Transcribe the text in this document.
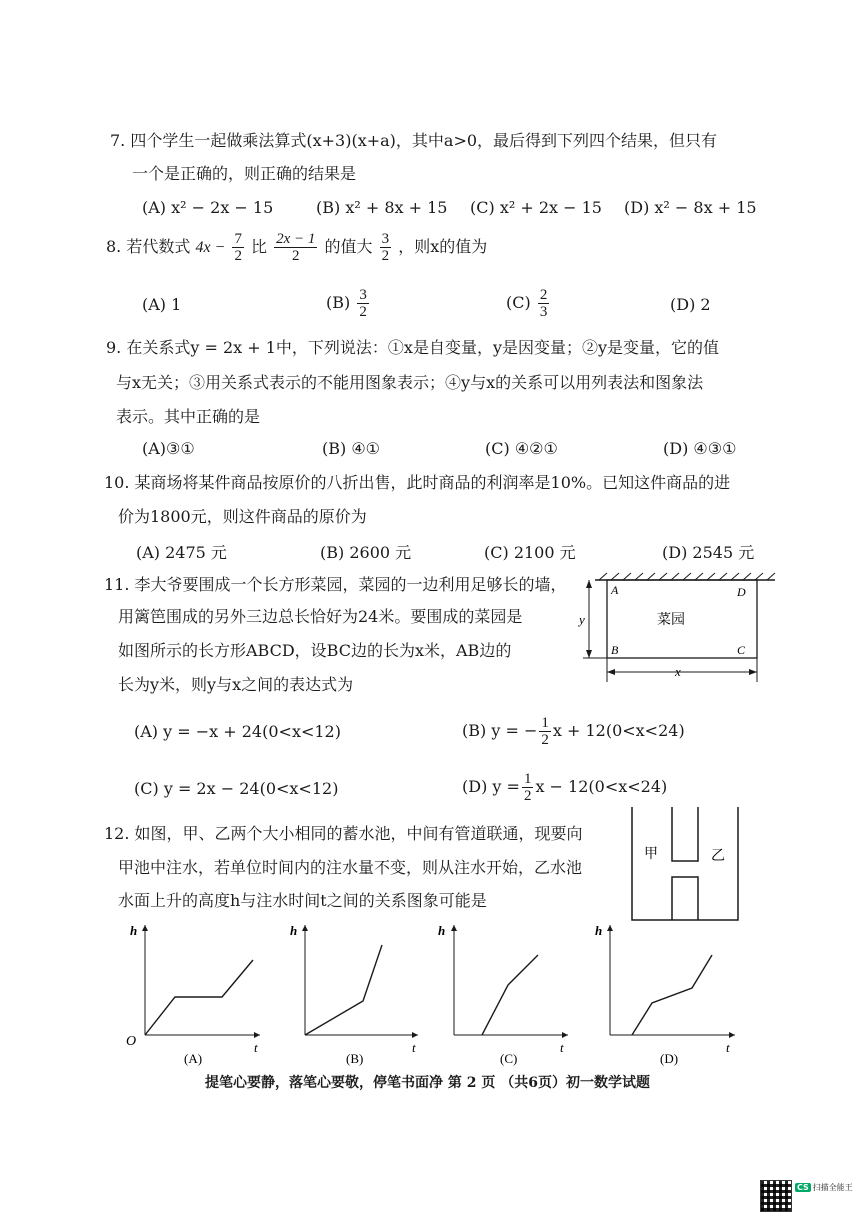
7. 四个学生一起做乘法算式(x+3)(x+a)，其中a>0，最后得到下列四个结果，但只有
一个是正确的，则正确的结果是
(A) x² − 2x − 15	(B) x² + 8x + 15 (C) x² + 2x − 15 (D) x² − 8x + 15
8. 若代数式 $4x - \frac{7}{2}$ 比 $\frac{2x - 1}{2}$ 的值大 $\frac{3}{2}$ ，则x的值为
(A) 1	$(B) \frac{3}{2}$	$(C) \frac{2}{3}$	(D) 2
9. 在关系式y = 2x + 1中，下列说法：①x是自变量，y是因变量；②y是变量，它的值
与x无关；③用关系式表示的不能用图象表示；④y与x的关系可以用列表法和图象法
表示。其中正确的是
(A)③①	(B) ④①	(C) ④②①	(D) ④③①
10. 某商场将某件商品按原价的八折出售，此时商品的利润率是10%。已知这件商品的进
价为1800元，则这件商品的原价为
(A) 2475 元	(B) 2600 元	(C) 2100 元	(D) 2545 元
11. 李大爷要围成一个长方形菜园，菜园的一边利用足够长的墙，
用篱笆围成的另外三边总长恰好为24米。要围成的菜园是
如图所示的长方形ABCD，设BC边的长为x米，AB边的
长为y米，则y与x之间的表达式为
A	D
B	C
菜园
y
x
(A) y = −x + 24(0<x<12)	(B) y = − $\frac{1}{2}$ x + 12(0<x<24)
(C) y = 2x − 24(0<x<12)	(D) $y = \frac{1}{2}$ x − 12(0<x<24)
12. 如图，甲、乙两个大小相同的蓄水池，中间有管道联通，现要向
甲池中注水，若单位时间内的注水量不变，则从注水开始，乙水池
水面上升的高度h与注水时间t之间的关系图象可能是
甲	乙
O
h
t
(A)
h
t
(B)
h
t
(C)
h
t
(D)
提笔心要静，落笔心要敬，停笔书面净 第 2 页 （共6页）初一数学试题
CS 扫描全能王
